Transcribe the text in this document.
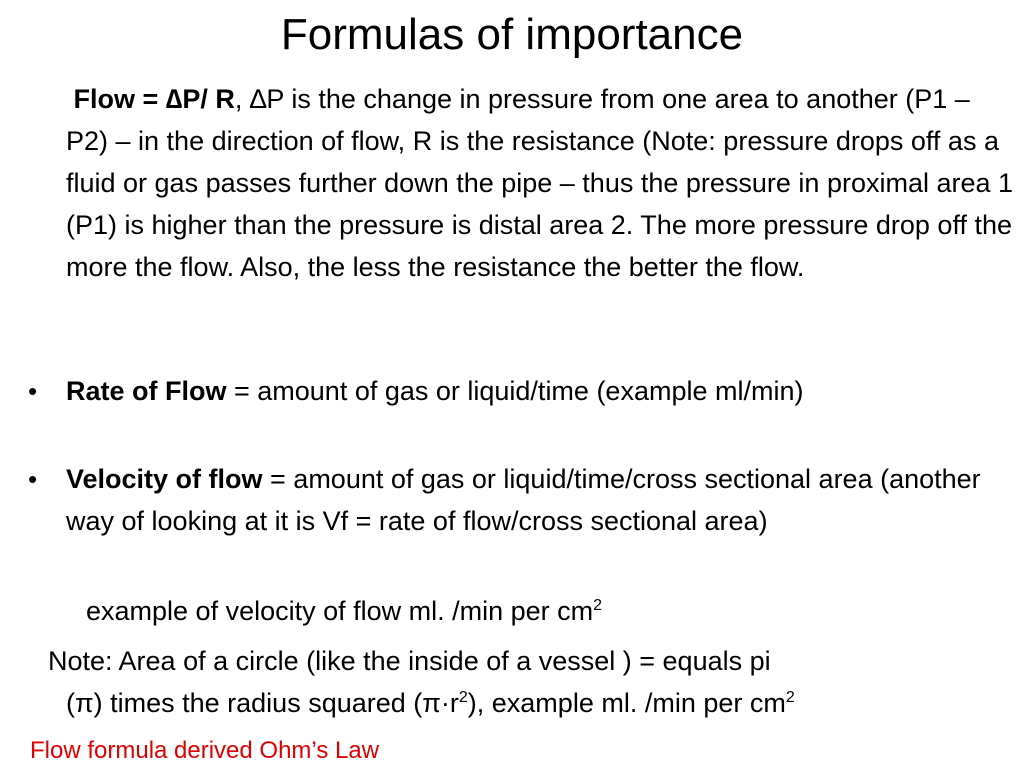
Formulas of importance
Flow = ∆P/ R, ∆P is the change in pressure from one area to another (P1 – P2) – in the direction of flow, R is the resistance (Note: pressure drops off as a fluid or gas passes further down the pipe – thus the pressure in proximal area 1 (P1) is higher than the pressure is distal area 2. The more pressure drop off the more the flow. Also, the less the resistance the better the flow.
• Rate of Flow = amount of gas or liquid/time (example ml/min)
• Velocity of flow = amount of gas or liquid/time/cross sectional area (another way of looking at it is Vf = rate of flow/cross sectional area)
example of velocity of flow ml. /min per $cm^2$
Note: Area of a circle (like the inside of a vessel ) = equals pi
(π) times the radius squared $(\pi\cdot r^2)$, example ml. /min per $cm^2$
Flow formula derived Ohm’s Law
